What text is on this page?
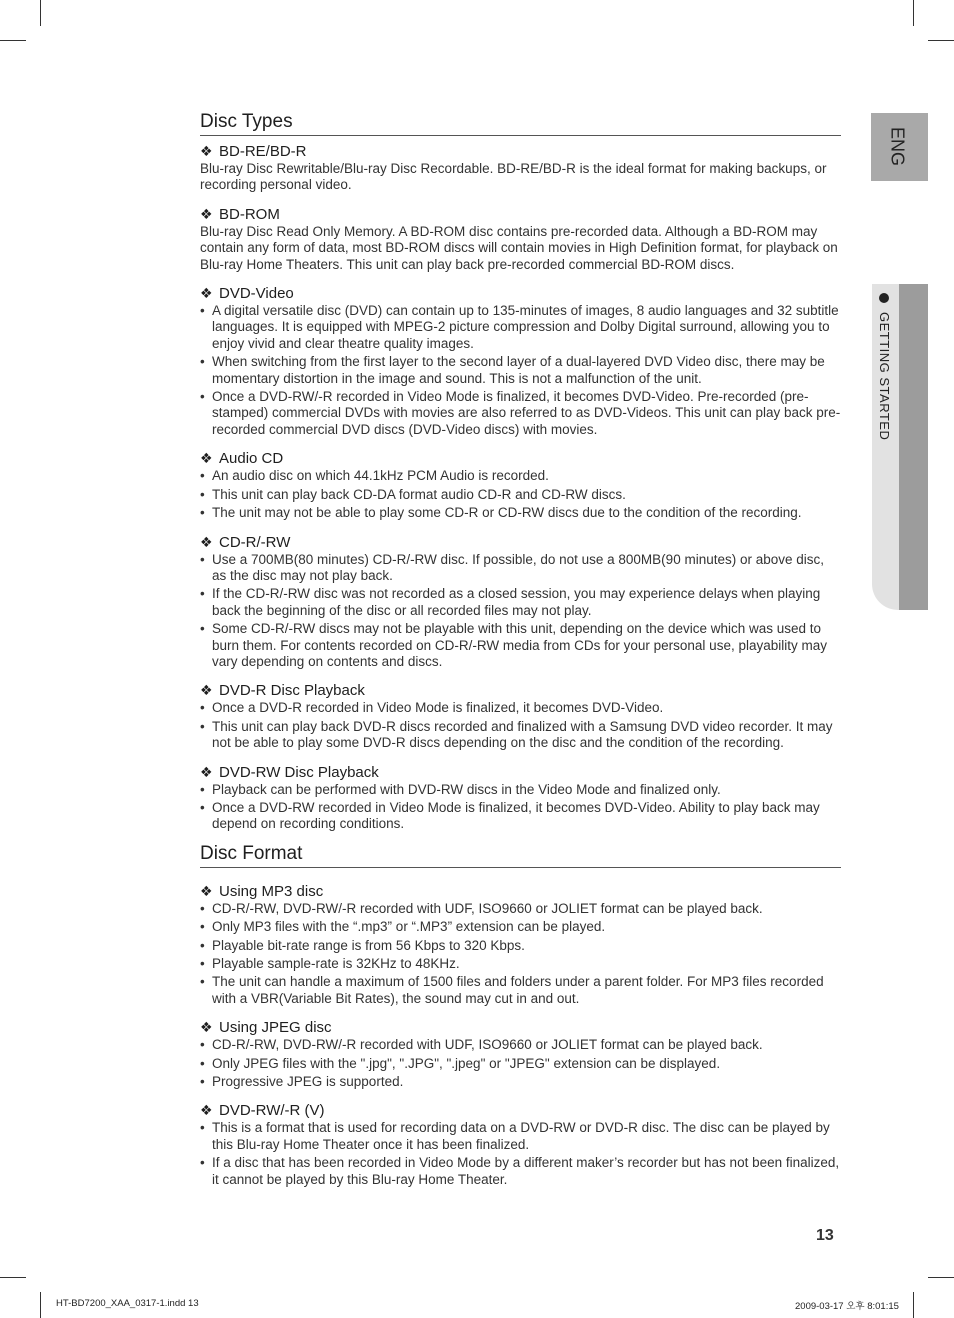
ENG
GETTING STARTED
Disc Types
❖ BD-RE/BD-R

Blu-ray Disc Rewritable/Blu-ray Disc Recordable. BD-RE/BD-R is the ideal format for making backups, or recording personal video.

❖ BD-ROM

Blu-ray Disc Read Only Memory. A BD-ROM disc contains pre-recorded data. Although a BD-ROM may contain any form of data, most BD-ROM discs will contain movies in High Definition format, for playback on Blu-ray Home Theaters. This unit can play back pre-recorded commercial BD-ROM discs.

❖ DVD-Video
• A digital versatile disc (DVD) can contain up to 135-minutes of images, 8 audio languages and 32 subtitle languages. It is equipped with MPEG-2 picture compression and Dolby Digital surround, allowing you to enjoy vivid and clear theatre quality images.
• When switching from the first layer to the second layer of a dual-layered DVD Video disc, there may be momentary distortion in the image and sound. This is not a malfunction of the unit.
• Once a DVD-RW/-R recorded in Video Mode is finalized, it becomes DVD-Video. Pre-recorded (pre-stamped) commercial DVDs with movies are also referred to as DVD-Videos. This unit can play back pre-recorded commercial DVD discs (DVD-Video discs) with movies.
❖ Audio CD
• An audio disc on which 44.1kHz PCM Audio is recorded.
• This unit can play back CD-DA format audio CD-R and CD-RW discs.
• The unit may not be able to play some CD-R or CD-RW discs due to the condition of the recording.
❖ CD-R/-RW
• Use a 700MB(80 minutes) CD-R/-RW disc. If possible, do not use a 800MB(90 minutes) or above disc, as the disc may not play back.
• If the CD-R/-RW disc was not recorded as a closed session, you may experience delays when playing back the beginning of the disc or all recorded files may not play.
• Some CD-R/-RW discs may not be playable with this unit, depending on the device which was used to burn them. For contents recorded on CD-R/-RW media from CDs for your personal use, playability may vary depending on contents and discs.
❖ DVD-R Disc Playback
• Once a DVD-R recorded in Video Mode is finalized, it becomes DVD-Video.
• This unit can play back DVD-R discs recorded and finalized with a Samsung DVD video recorder. It may not be able to play some DVD-R discs depending on the disc and the condition of the recording.
❖ DVD-RW Disc Playback
• Playback can be performed with DVD-RW discs in the Video Mode and finalized only.
• Once a DVD-RW recorded in Video Mode is finalized, it becomes DVD-Video. Ability to play back may depend on recording conditions.
Disc Format
❖ Using MP3 disc
• CD-R/-RW, DVD-RW/-R recorded with UDF, ISO9660 or JOLIET format can be played back.
• Only MP3 files with the “.mp3” or “.MP3” extension can be played.
• Playable bit-rate range is from 56 Kbps to 320 Kbps.
• Playable sample-rate is 32KHz to 48KHz.
• The unit can handle a maximum of 1500 files and folders under a parent folder. For MP3 files recorded with a VBR(Variable Bit Rates), the sound may cut in and out.
❖ Using JPEG disc
• CD-R/-RW, DVD-RW/-R recorded with UDF, ISO9660 or JOLIET format can be played back.
• Only JPEG files with the ".jpg", ".JPG", ".jpeg" or "JPEG" extension can be displayed.
• Progressive JPEG is supported.
❖ DVD-RW/-R (V)
• This is a format that is used for recording data on a DVD-RW or DVD-R disc. The disc can be played by this Blu-ray Home Theater once it has been finalized.
• If a disc that has been recorded in Video Mode by a different maker’s recorder but has not been finalized, it cannot be played by this Blu-ray Home Theater.
13
HT-BD7200_XAA_0317-1.indd 13	2009-03-17 오후 8:01:15
